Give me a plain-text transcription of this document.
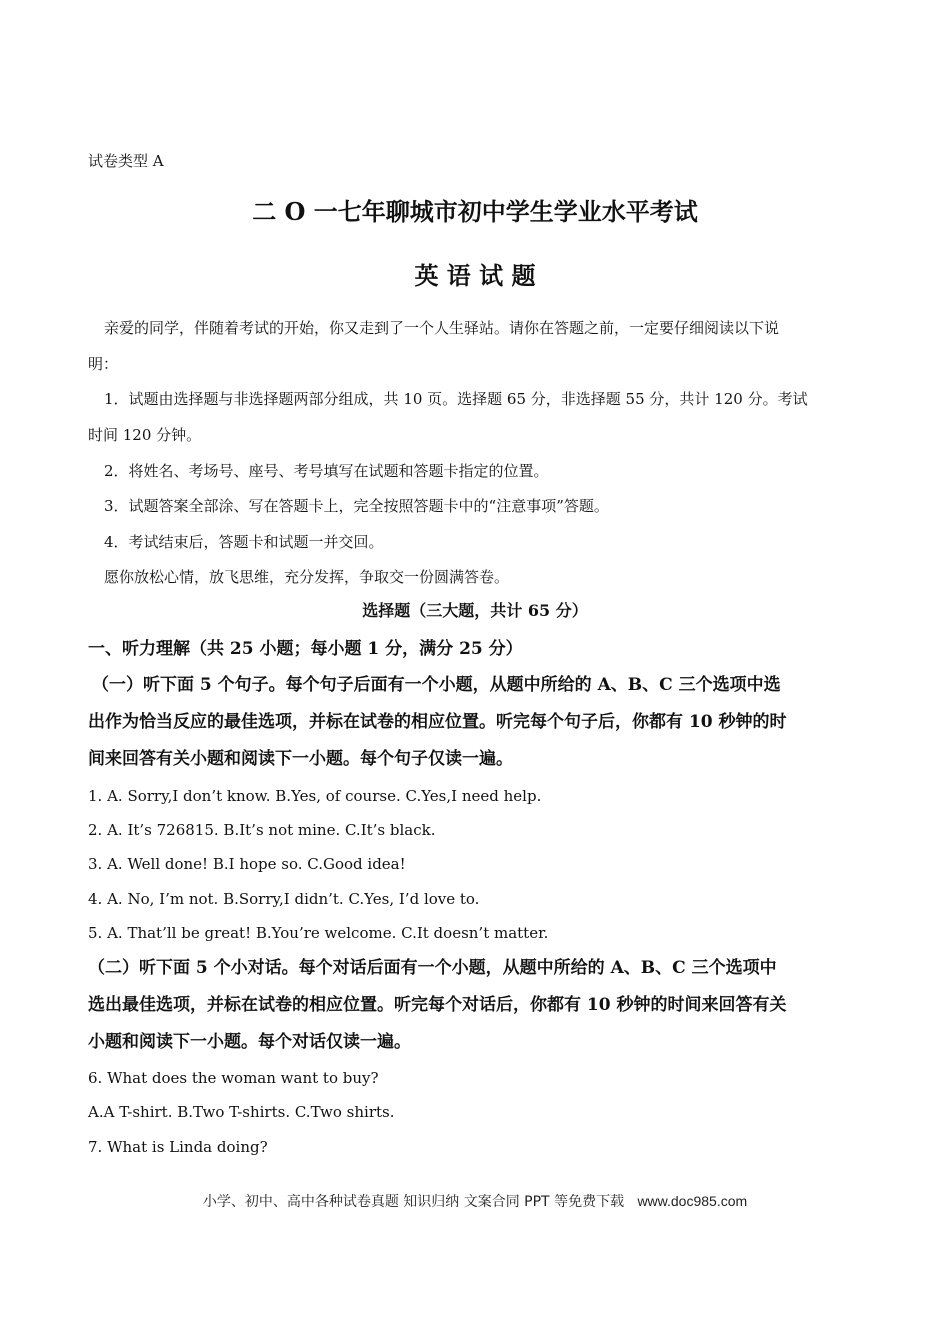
试卷类型 A
二 O 一七年聊城市初中学生学业水平考试
英 语 试 题
亲爱的同学，伴随着考试的开始，你又走到了一个人生驿站。请你在答题之前，一定要仔细阅读以下说
明：
1．试题由选择题与非选择题两部分组成，共 10 页。选择题 65 分，非选择题 55 分，共计 120 分。考试
时间 120 分钟。
2．将姓名、考场号、座号、考号填写在试题和答题卡指定的位置。
3．试题答案全部涂、写在答题卡上，完全按照答题卡中的“注意事项”答题。
4．考试结束后，答题卡和试题一并交回。
愿你放松心情，放飞思维，充分发挥，争取交一份圆满答卷。
选择题（三大题，共计 65 分）
一、听力理解（共 25 小题；每小题 1 分，满分 25 分）
（一）听下面 5 个句子。每个句子后面有一个小题，从题中所给的 A、B、C 三个选项中选
出作为恰当反应的最佳选项，并标在试卷的相应位置。听完每个句子后，你都有 10 秒钟的时
间来回答有关小题和阅读下一小题。每个句子仅读一遍。
1. A. Sorry,I don’t know. B.Yes, of course. C.Yes,I need help.
2. A. It’s 726815. B.It’s not mine. C.It’s black.
3. A. Well done! B.I hope so. C.Good idea!
4. A. No, I’m not. B.Sorry,I didn’t. C.Yes, I’d love to.
5. A. That’ll be great! B.You’re welcome. C.It doesn’t matter.
（二）听下面 5 个小对话。每个对话后面有一个小题，从题中所给的 A、B、C 三个选项中
选出最佳选项，并标在试卷的相应位置。听完每个对话后，你都有 10 秒钟的时间来回答有关
小题和阅读下一小题。每个对话仅读一遍。
6. What does the woman want to buy?
A.A T-shirt. B.Two T-shirts. C.Two shirts.
7. What is Linda doing?
小学、初中、高中各种试卷真题 知识归纳 文案合同 PPT 等免费下载 www.doc985.com
